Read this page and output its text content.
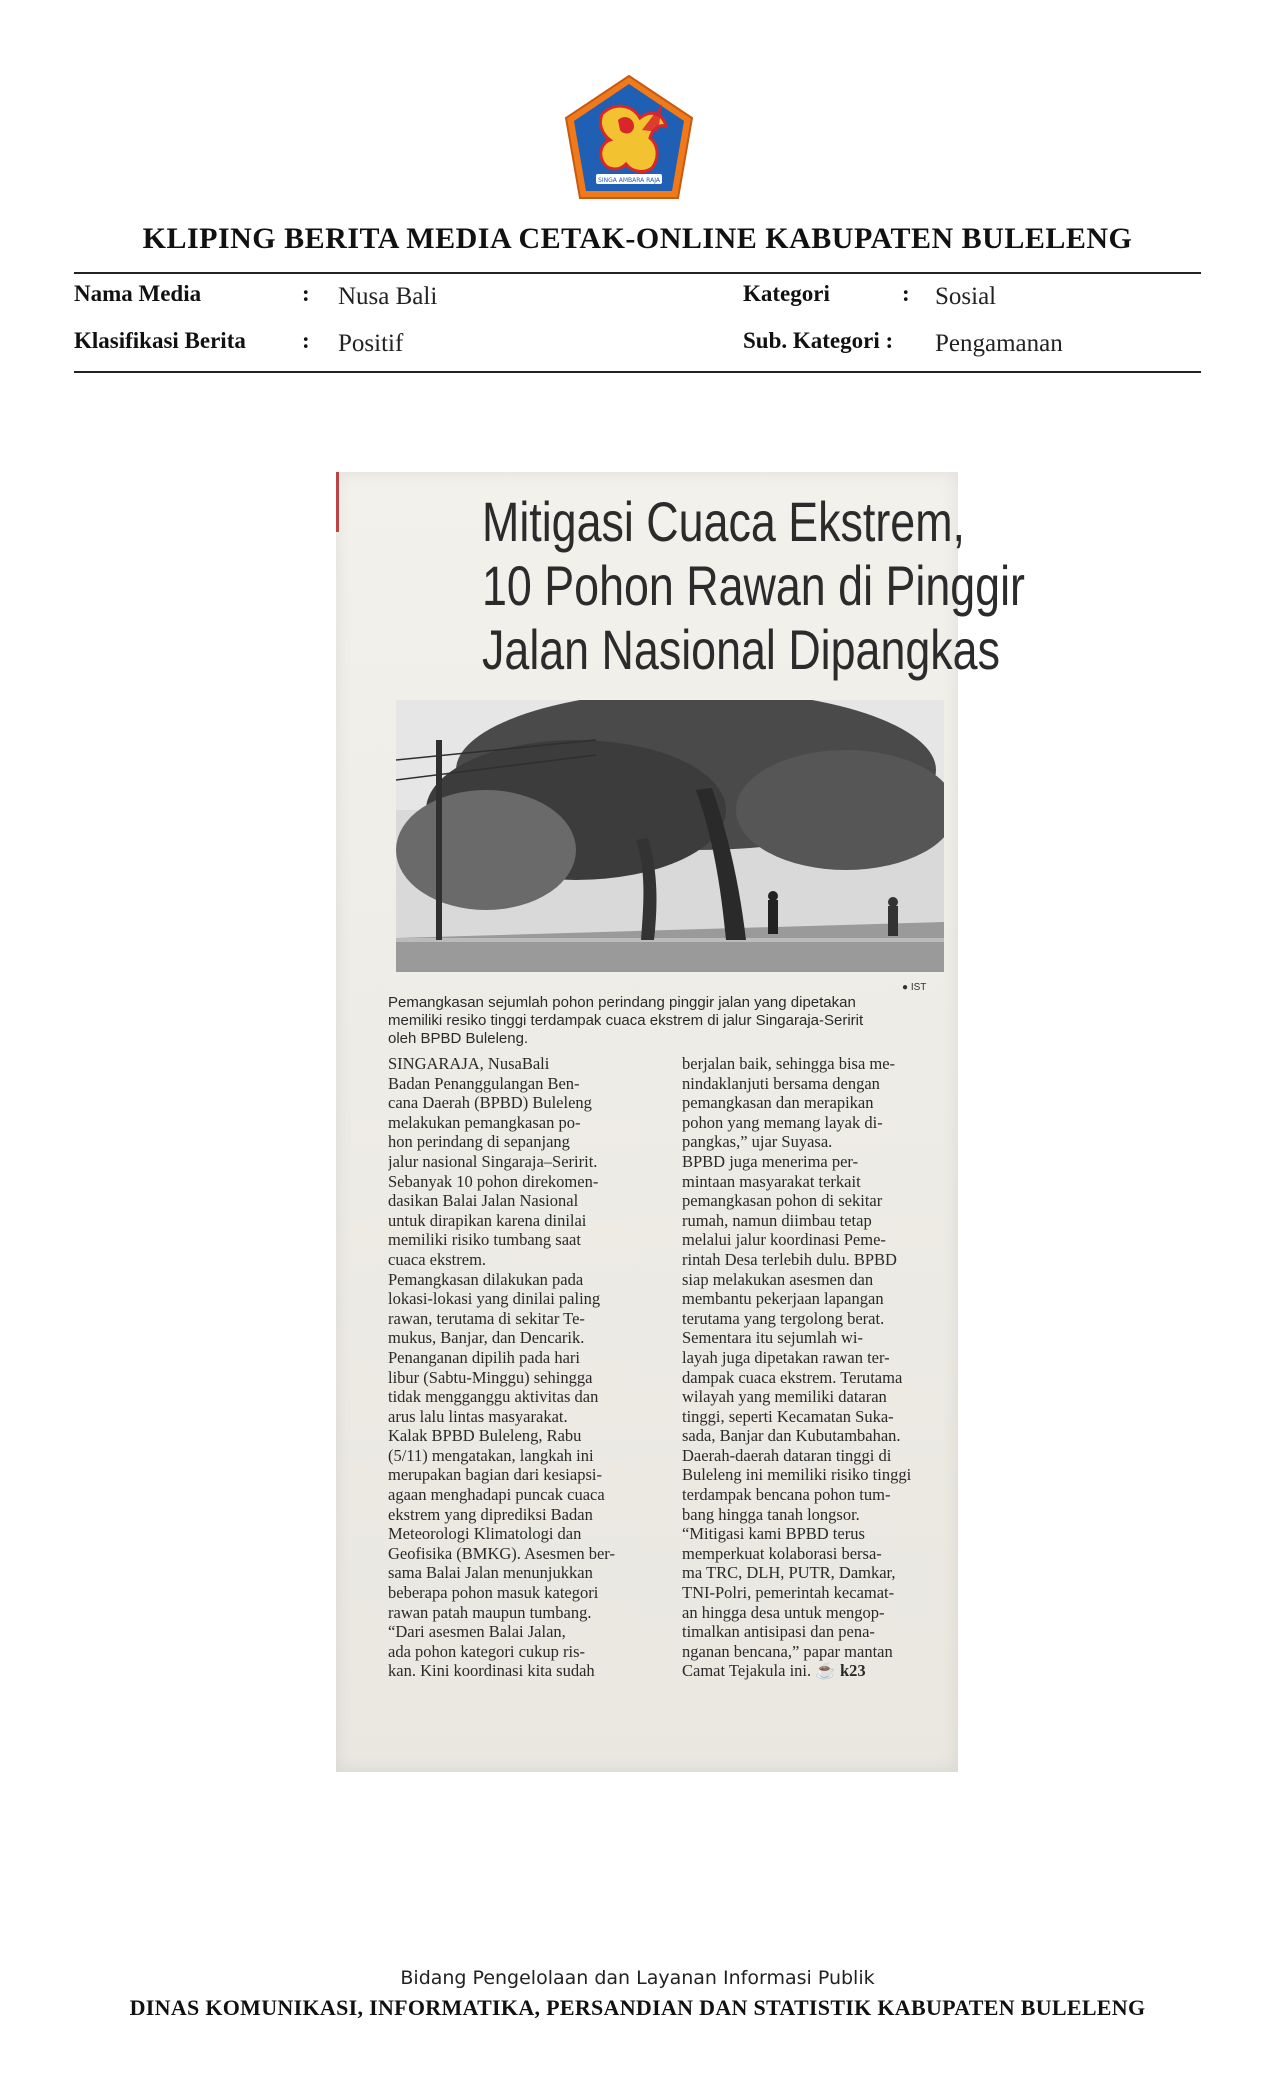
SINGA AMBARA RAJA
KLIPING BERITA MEDIA CETAK-ONLINE KABUPATEN BULELENG
Nama Media	: Nusa Bali	Kategori	: Sosial
Klasifikasi Berita : Positif	Sub. Kategori : Pengamanan
Mitigasi Cuaca Ekstrem,
10 Pohon Rawan di Pinggir
Jalan Nasional Dipangkas
● IST

Pemangkasan sejumlah pohon perindang pinggir jalan yang dipetakan

memiliki resiko tinggi terdampak cuaca ekstrem di jalur Singaraja-Seririt

oleh BPBD Buleleng.

SINGARAJA, NusaBali

Badan Penanggulangan Ben-

cana Daerah (BPBD) Buleleng

melakukan pemangkasan po-

hon perindang di sepanjang

jalur nasional Singaraja–Seririt.

Sebanyak 10 pohon direkomen-

dasikan Balai Jalan Nasional

untuk dirapikan karena dinilai

memiliki risiko tumbang saat

cuaca ekstrem.

Pemangkasan dilakukan pada

lokasi-lokasi yang dinilai paling

rawan, terutama di sekitar Te-

mukus, Banjar, dan Dencarik.

Penanganan dipilih pada hari

libur (Sabtu-Minggu) sehingga

tidak mengganggu aktivitas dan

arus lalu lintas masyarakat.

Kalak BPBD Buleleng, Rabu

(5/11) mengatakan, langkah ini

merupakan bagian dari kesiapsi-

agaan menghadapi puncak cuaca

ekstrem yang diprediksi Badan

Meteorologi Klimatologi dan

Geofisika (BMKG). Asesmen ber-

sama Balai Jalan menunjukkan

beberapa pohon masuk kategori

rawan patah maupun tumbang.

“Dari asesmen Balai Jalan,

ada pohon kategori cukup ris-

kan. Kini koordinasi kita sudah

berjalan baik, sehingga bisa me-

nindaklanjuti bersama dengan

pemangkasan dan merapikan

pohon yang memang layak di-

pangkas,” ujar Suyasa.

BPBD juga menerima per-

mintaan masyarakat terkait

pemangkasan pohon di sekitar

rumah, namun diimbau tetap

melalui jalur koordinasi Peme-

rintah Desa terlebih dulu. BPBD

siap melakukan asesmen dan

membantu pekerjaan lapangan

terutama yang tergolong berat.

Sementara itu sejumlah wi-

layah juga dipetakan rawan ter-

dampak cuaca ekstrem. Terutama

wilayah yang memiliki dataran

tinggi, seperti Kecamatan Suka-

sada, Banjar dan Kubutambahan.

Daerah-daerah dataran tinggi di

Buleleng ini memiliki risiko tinggi

terdampak bencana pohon tum-

bang hingga tanah longsor.

“Mitigasi kami BPBD terus

memperkuat kolaborasi bersa-

ma TRC, DLH, PUTR, Damkar,

TNI-Polri, pemerintah kecamat-

an hingga desa untuk mengop-

timalkan antisipasi dan pena-

nganan bencana,” papar mantan

Camat Tejakula ini. ☕ k23

Bidang Pengelolaan dan Layanan Informasi Publik
DINAS KOMUNIKASI, INFORMATIKA, PERSANDIAN DAN STATISTIK KABUPATEN BULELENG
